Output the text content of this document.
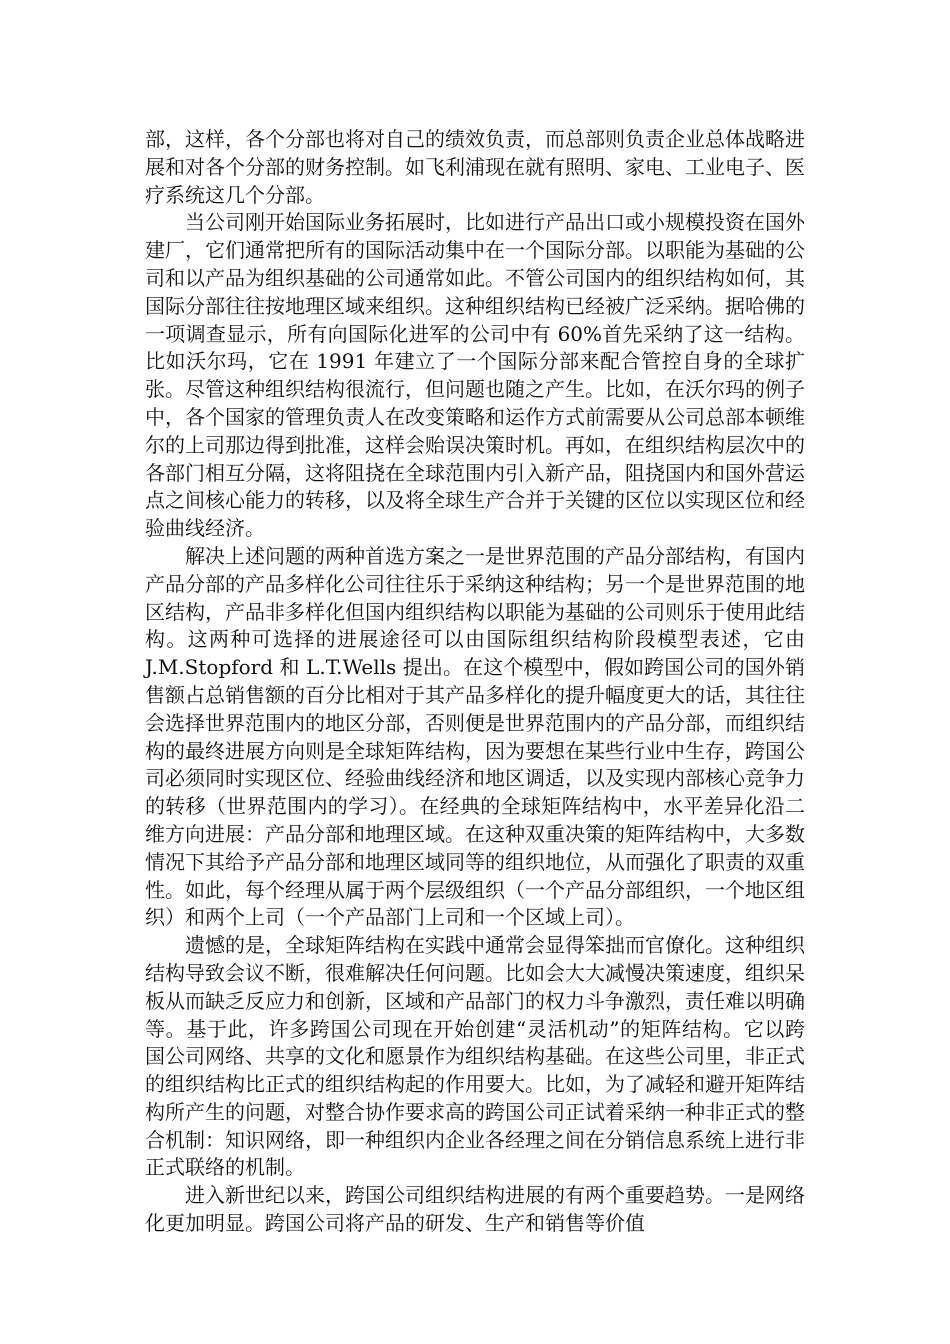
部，这样，各个分部也将对自己的绩效负责，而总部则负责企业总体战略进展和对各个分部的财务控制。如飞利浦现在就有照明、家电、工业电子、医疗系统这几个分部。

当公司刚开始国际业务拓展时，比如进行产品出口或小规模投资在国外建厂，它们通常把所有的国际活动集中在一个国际分部。以职能为基础的公司和以产品为组织基础的公司通常如此。不管公司国内的组织结构如何，其国际分部往往按地理区域来组织。这种组织结构已经被广泛采纳。据哈佛的一项调查显示，所有向国际化进军的公司中有 60%首先采纳了这一结构。比如沃尔玛，它在 1991 年建立了一个国际分部来配合管控自身的全球扩张。尽管这种组织结构很流行，但问题也随之产生。比如，在沃尔玛的例子中，各个国家的管理负责人在改变策略和运作方式前需要从公司总部本顿维尔的上司那边得到批准，这样会贻误决策时机。再如，在组织结构层次中的各部门相互分隔，这将阻挠在全球范围内引入新产品，阻挠国内和国外营运点之间核心能力的转移，以及将全球生产合并于关键的区位以实现区位和经验曲线经济。

解决上述问题的两种首选方案之一是世界范围的产品分部结构，有国内产品分部的产品多样化公司往往乐于采纳这种结构；另一个是世界范围的地区结构，产品非多样化但国内组织结构以职能为基础的公司则乐于使用此结构。这两种可选择的进展途径可以由国际组织结构阶段模型表述，它由 J.M.Stopford 和 L.T.Wells 提出。在这个模型中，假如跨国公司的国外销售额占总销售额的百分比相对于其产品多样化的提升幅度更大的话，其往往会选择世界范围内的地区分部，否则便是世界范围内的产品分部，而组织结构的最终进展方向则是全球矩阵结构，因为要想在某些行业中生存，跨国公司必须同时实现区位、经验曲线经济和地区调适，以及实现内部核心竞争力的转移（世界范围内的学习）。在经典的全球矩阵结构中，水平差异化沿二维方向进展：产品分部和地理区域。在这种双重决策的矩阵结构中，大多数情况下其给予产品分部和地理区域同等的组织地位，从而强化了职责的双重性。如此，每个经理从属于两个层级组织（一个产品分部组织，一个地区组织）和两个上司（一个产品部门上司和一个区域上司）。

遗憾的是，全球矩阵结构在实践中通常会显得笨拙而官僚化。这种组织结构导致会议不断，很难解决任何问题。比如会大大减慢决策速度，组织呆板从而缺乏反应力和创新，区域和产品部门的权力斗争激烈，责任难以明确等。基于此，许多跨国公司现在开始创建“灵活机动”的矩阵结构。它以跨国公司网络、共享的文化和愿景作为组织结构基础。在这些公司里，非正式的组织结构比正式的组织结构起的作用要大。比如，为了减轻和避开矩阵结构所产生的问题，对整合协作要求高的跨国公司正试着采纳一种非正式的整合机制：知识网络，即一种组织内企业各经理之间在分销信息系统上进行非正式联络的机制。

进入新世纪以来，跨国公司组织结构进展的有两个重要趋势。一是网络化更加明显。跨国公司将产品的研发、生产和销售等价值
